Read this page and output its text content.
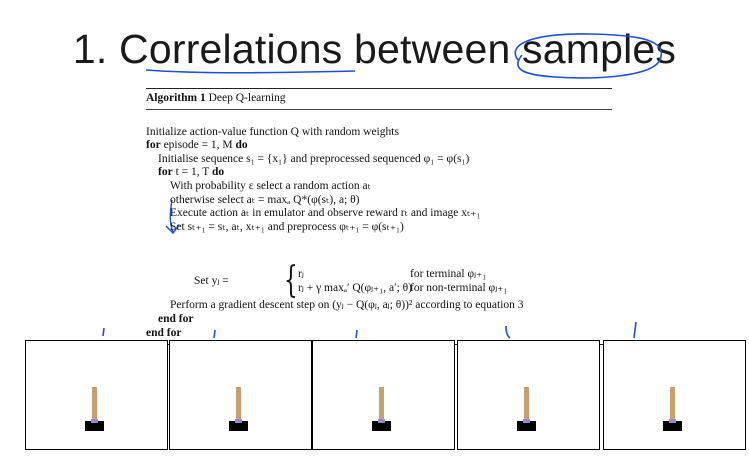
1. Correlations between samples
Algorithm 1 Deep Q-learning
Initialize action-value function Q with random weights
for episode = 1, M do
Initialise sequence s₁ = {x₁} and preprocessed sequenced φ₁ = φ(s₁)
for t = 1, T do
With probability ε select a random action aₜ
otherwise select aₜ = maxₐ Q*(φ(sₜ), a; θ)
Execute action aₜ in emulator and observe reward rₜ and image xₜ₊₁
Set sₜ₊₁ = sₜ, aₜ, xₜ₊₁ and preprocess φₜ₊₁ = φ(sₜ₊₁)
Set yⱼ = { rⱼ	for terminal φⱼ₊₁
rⱼ + γ maxₐ′ Q(φⱼ₊₁, a′; θ)
for non-terminal φⱼ₊₁
Perform a gradient descent step on (yⱼ − Q(φⱼ, aⱼ; θ))² according to equation 3
end for
end for
